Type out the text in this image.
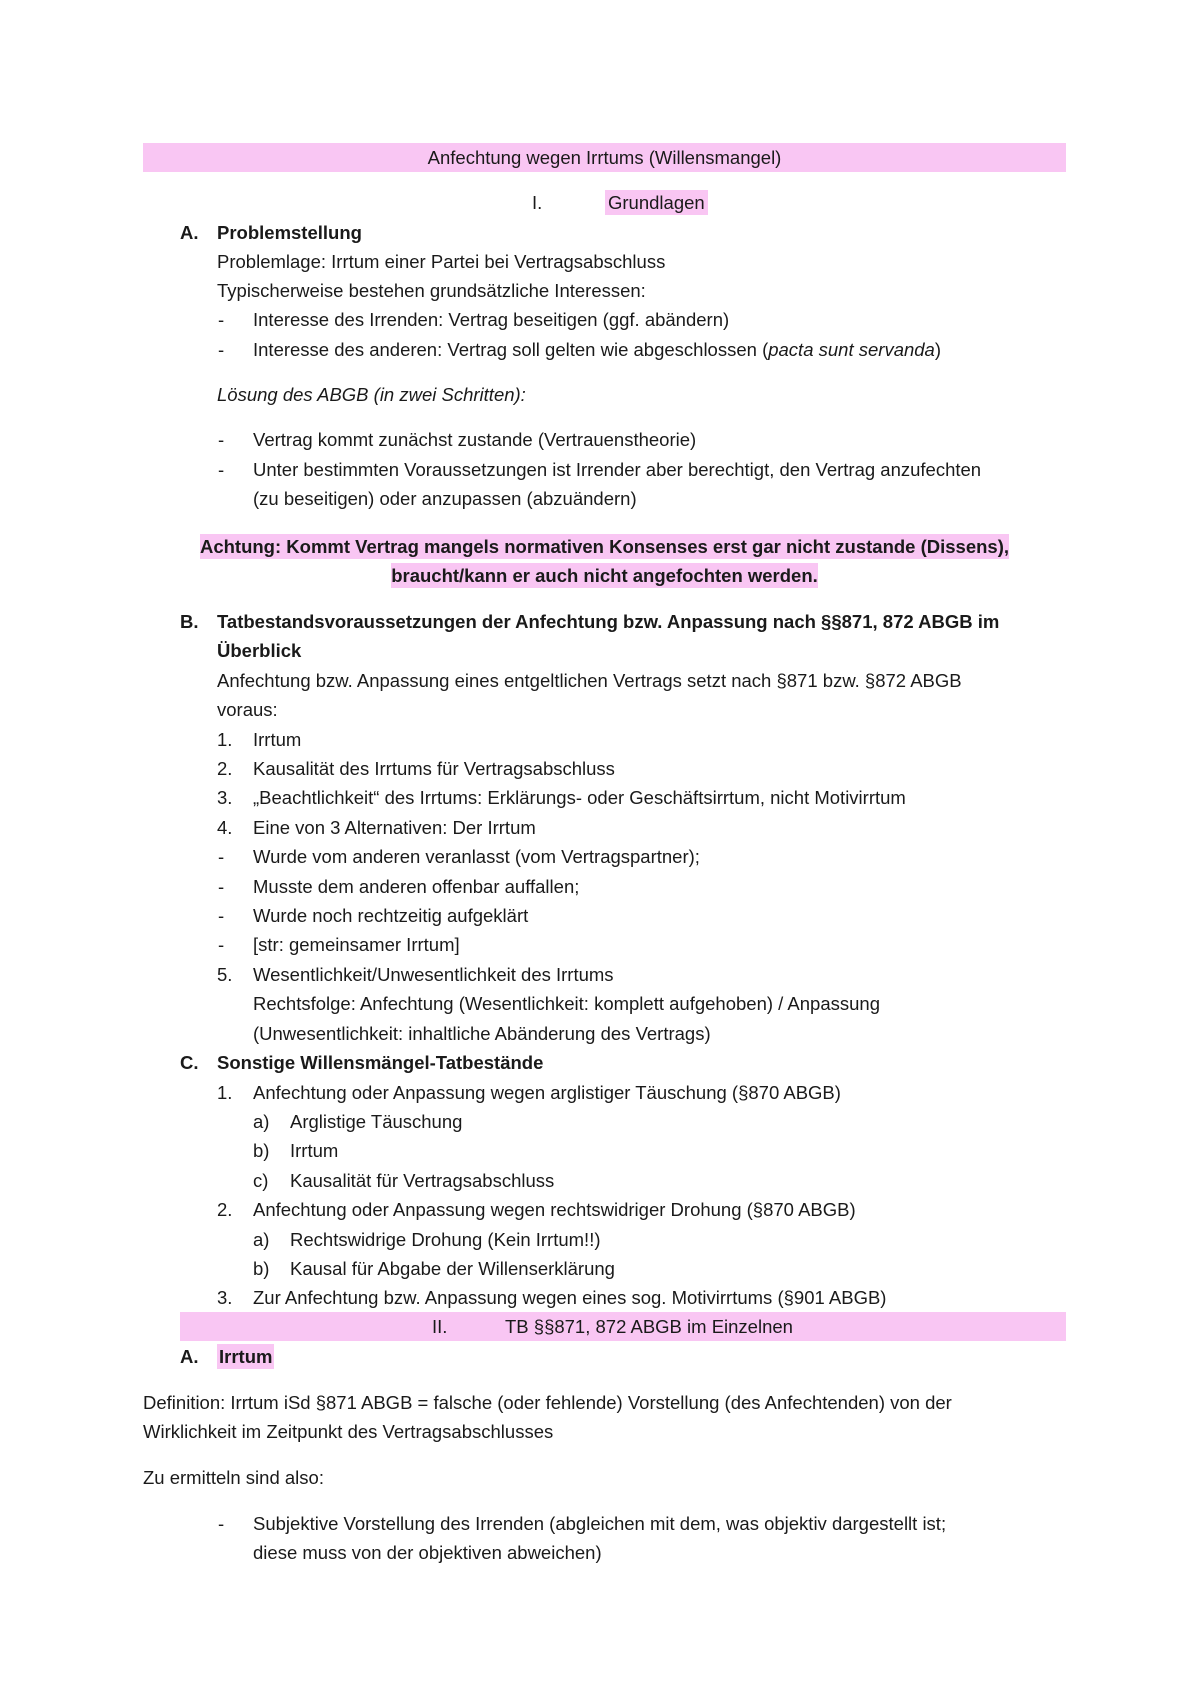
Anfechtung wegen Irrtums (Willensmangel)
I.	Grundlagen
A. Problemstellung
Problemlage: Irrtum einer Partei bei Vertragsabschluss
Typischerweise bestehen grundsätzliche Interessen:
- Interesse des Irrenden: Vertrag beseitigen (ggf. abändern)
- Interesse des anderen: Vertrag soll gelten wie abgeschlossen (pacta sunt servanda)
Lösung des ABGB (in zwei Schritten):
- Vertrag kommt zunächst zustande (Vertrauenstheorie)
- Unter bestimmten Voraussetzungen ist Irrender aber berechtigt, den Vertrag anzufechten
(zu beseitigen) oder anzupassen (abzuändern)
Achtung: Kommt Vertrag mangels normativen Konsenses erst gar nicht zustande (Dissens),
braucht/kann er auch nicht angefochten werden.
B. Tatbestandsvoraussetzungen der Anfechtung bzw. Anpassung nach §§871, 872 ABGB im
Überblick
Anfechtung bzw. Anpassung eines entgeltlichen Vertrags setzt nach §871 bzw. §872 ABGB
voraus:
1. Irrtum
2. Kausalität des Irrtums für Vertragsabschluss
3. „Beachtlichkeit“ des Irrtums: Erklärungs- oder Geschäftsirrtum, nicht Motivirrtum
4. Eine von 3 Alternativen: Der Irrtum
- Wurde vom anderen veranlasst (vom Vertragspartner);
- Musste dem anderen offenbar auffallen;
- Wurde noch rechtzeitig aufgeklärt
- [str: gemeinsamer Irrtum]
5. Wesentlichkeit/Unwesentlichkeit des Irrtums
Rechtsfolge: Anfechtung (Wesentlichkeit: komplett aufgehoben) / Anpassung
(Unwesentlichkeit: inhaltliche Abänderung des Vertrags)
C. Sonstige Willensmängel-Tatbestände
1. Anfechtung oder Anpassung wegen arglistiger Täuschung (§870 ABGB)
a) Arglistige Täuschung
b) Irrtum
c) Kausalität für Vertragsabschluss
2. Anfechtung oder Anpassung wegen rechtswidriger Drohung (§870 ABGB)
a) Rechtswidrige Drohung (Kein Irrtum!!)
b) Kausal für Abgabe der Willenserklärung
3. Zur Anfechtung bzw. Anpassung wegen eines sog. Motivirrtums (§901 ABGB)
II.	TB §§871, 872 ABGB im Einzelnen
A. Irrtum
Definition: Irrtum iSd §871 ABGB = falsche (oder fehlende) Vorstellung (des Anfechtenden) von der
Wirklichkeit im Zeitpunkt des Vertragsabschlusses
Zu ermitteln sind also:
- Subjektive Vorstellung des Irrenden (abgleichen mit dem, was objektiv dargestellt ist;
diese muss von der objektiven abweichen)
